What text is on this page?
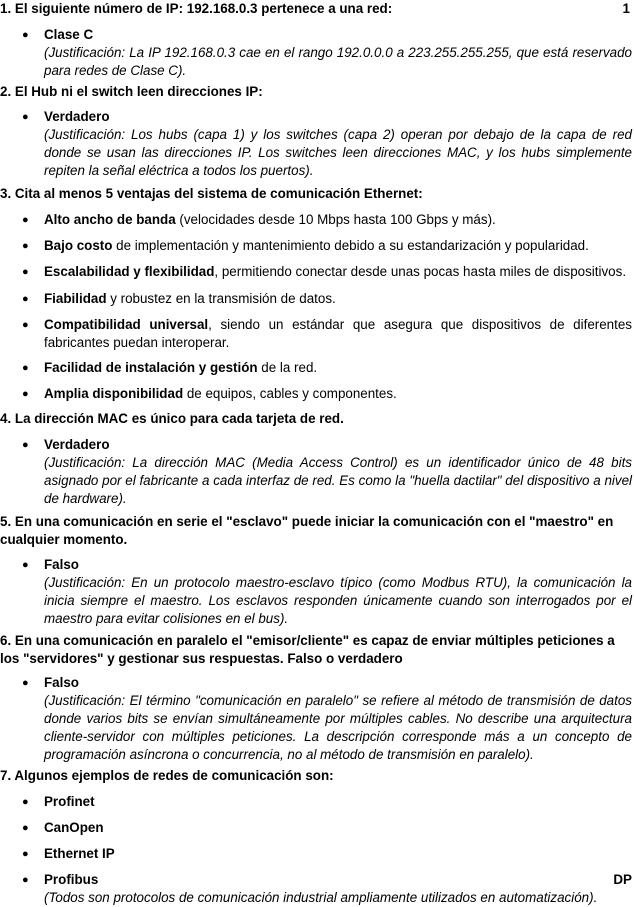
1. El siguiente número de IP: 192.168.0.3 pertenece a una red:	1
● Clase C
(Justificación: La IP 192.168.0.3 cae en el rango 192.0.0.0 a 223.255.255.255, que está reservado para redes de Clase C).
2. El Hub ni el switch leen direcciones IP:
● Verdadero
(Justificación: Los hubs (capa 1) y los switches (capa 2) operan por debajo de la capa de red donde se usan las direcciones IP. Los switches leen direcciones MAC, y los hubs simplemente repiten la señal eléctrica a todos los puertos).
3. Cita al menos 5 ventajas del sistema de comunicación Ethernet:
● Alto ancho de banda (velocidades desde 10 Mbps hasta 100 Gbps y más).
● Bajo costo de implementación y mantenimiento debido a su estandarización y popularidad.
● Escalabilidad y flexibilidad, permitiendo conectar desde unas pocas hasta miles de dispositivos.
● Fiabilidad y robustez en la transmisión de datos.
● Compatibilidad universal, siendo un estándar que asegura que dispositivos de diferentes fabricantes puedan interoperar.
● Facilidad de instalación y gestión de la red.
● Amplia disponibilidad de equipos, cables y componentes.
4. La dirección MAC es único para cada tarjeta de red.
● Verdadero
(Justificación: La dirección MAC (Media Access Control) es un identificador único de 48 bits asignado por el fabricante a cada interfaz de red. Es como la "huella dactilar" del dispositivo a nivel de hardware).
5. En una comunicación en serie el "esclavo" puede iniciar la comunicación con el "maestro" en cualquier momento.
● Falso
(Justificación: En un protocolo maestro-esclavo típico (como Modbus RTU), la comunicación la inicia siempre el maestro. Los esclavos responden únicamente cuando son interrogados por el maestro para evitar colisiones en el bus).
6. En una comunicación en paralelo el "emisor/cliente" es capaz de enviar múltiples peticiones a los "servidores" y gestionar sus respuestas. Falso o verdadero
● Falso
(Justificación: El término "comunicación en paralelo" se refiere al método de transmisión de datos donde varios bits se envían simultáneamente por múltiples cables. No describe una arquitectura cliente-servidor con múltiples peticiones. La descripción corresponde más a un concepto de programación asíncrona o concurrencia, no al método de transmisión en paralelo).
7. Algunos ejemplos de redes de comunicación son:
● Profinet
● CanOpen
● Ethernet IP
● Profibus	DP
(Todos son protocolos de comunicación industrial ampliamente utilizados en automatización).
